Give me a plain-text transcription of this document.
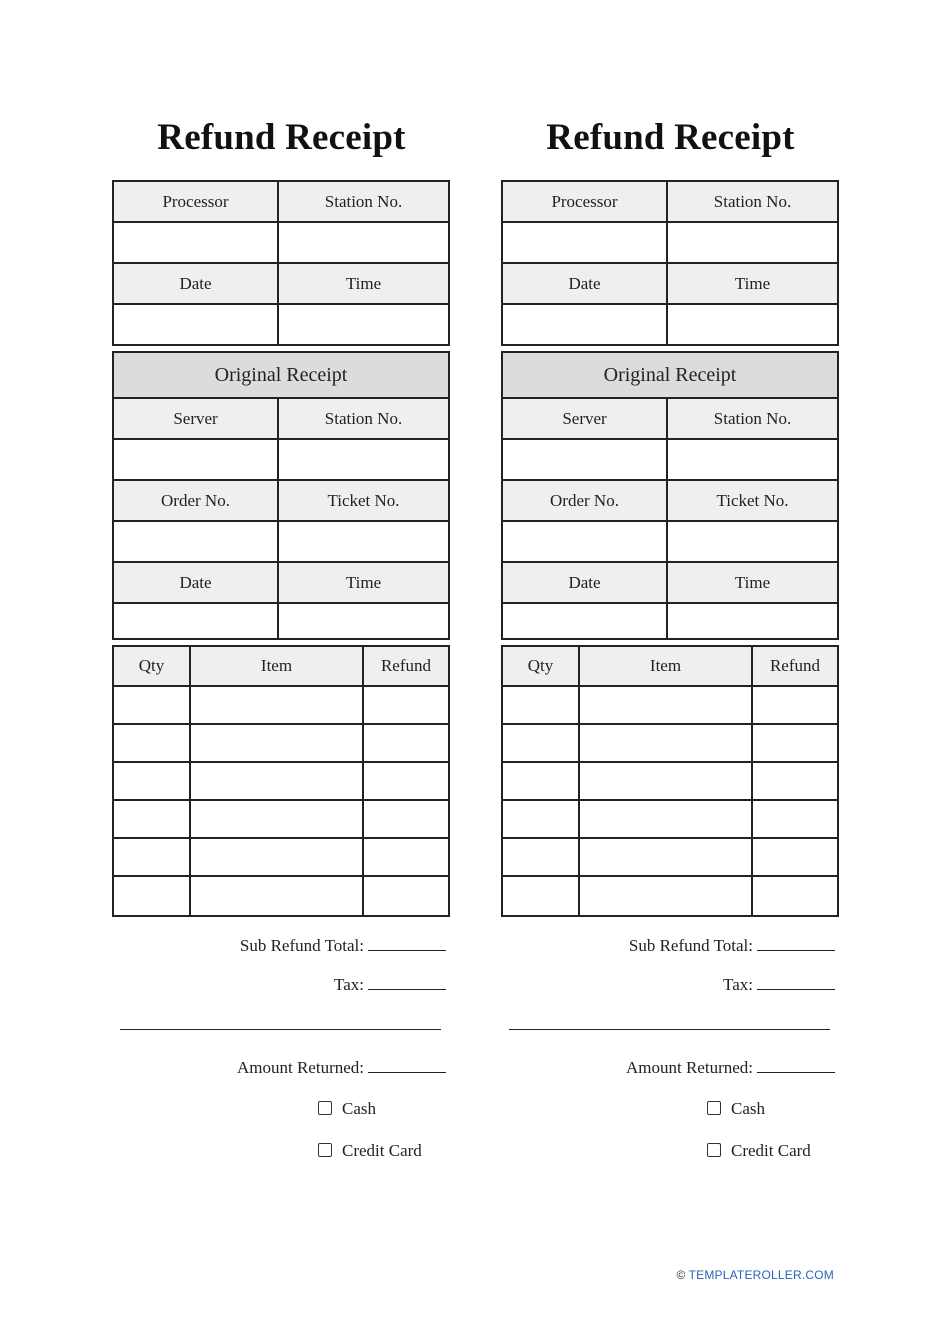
Refund Receipt
Processor	Station No.

Date	Time

Original Receipt	
Server	Station No.

Order No.	Ticket No.

Date	Time

Qty	Item	Refund

Sub Refund Total:
Tax:
Amount Returned:
Cash
Credit Card
Refund Receipt
Processor	Station No.

Date	Time

Original Receipt	
Server	Station No.

Order No.	Ticket No.

Date	Time

Qty	Item	Refund

Sub Refund Total:
Tax:
Amount Returned:
Cash
Credit Card
© TEMPLATEROLLER.COM
